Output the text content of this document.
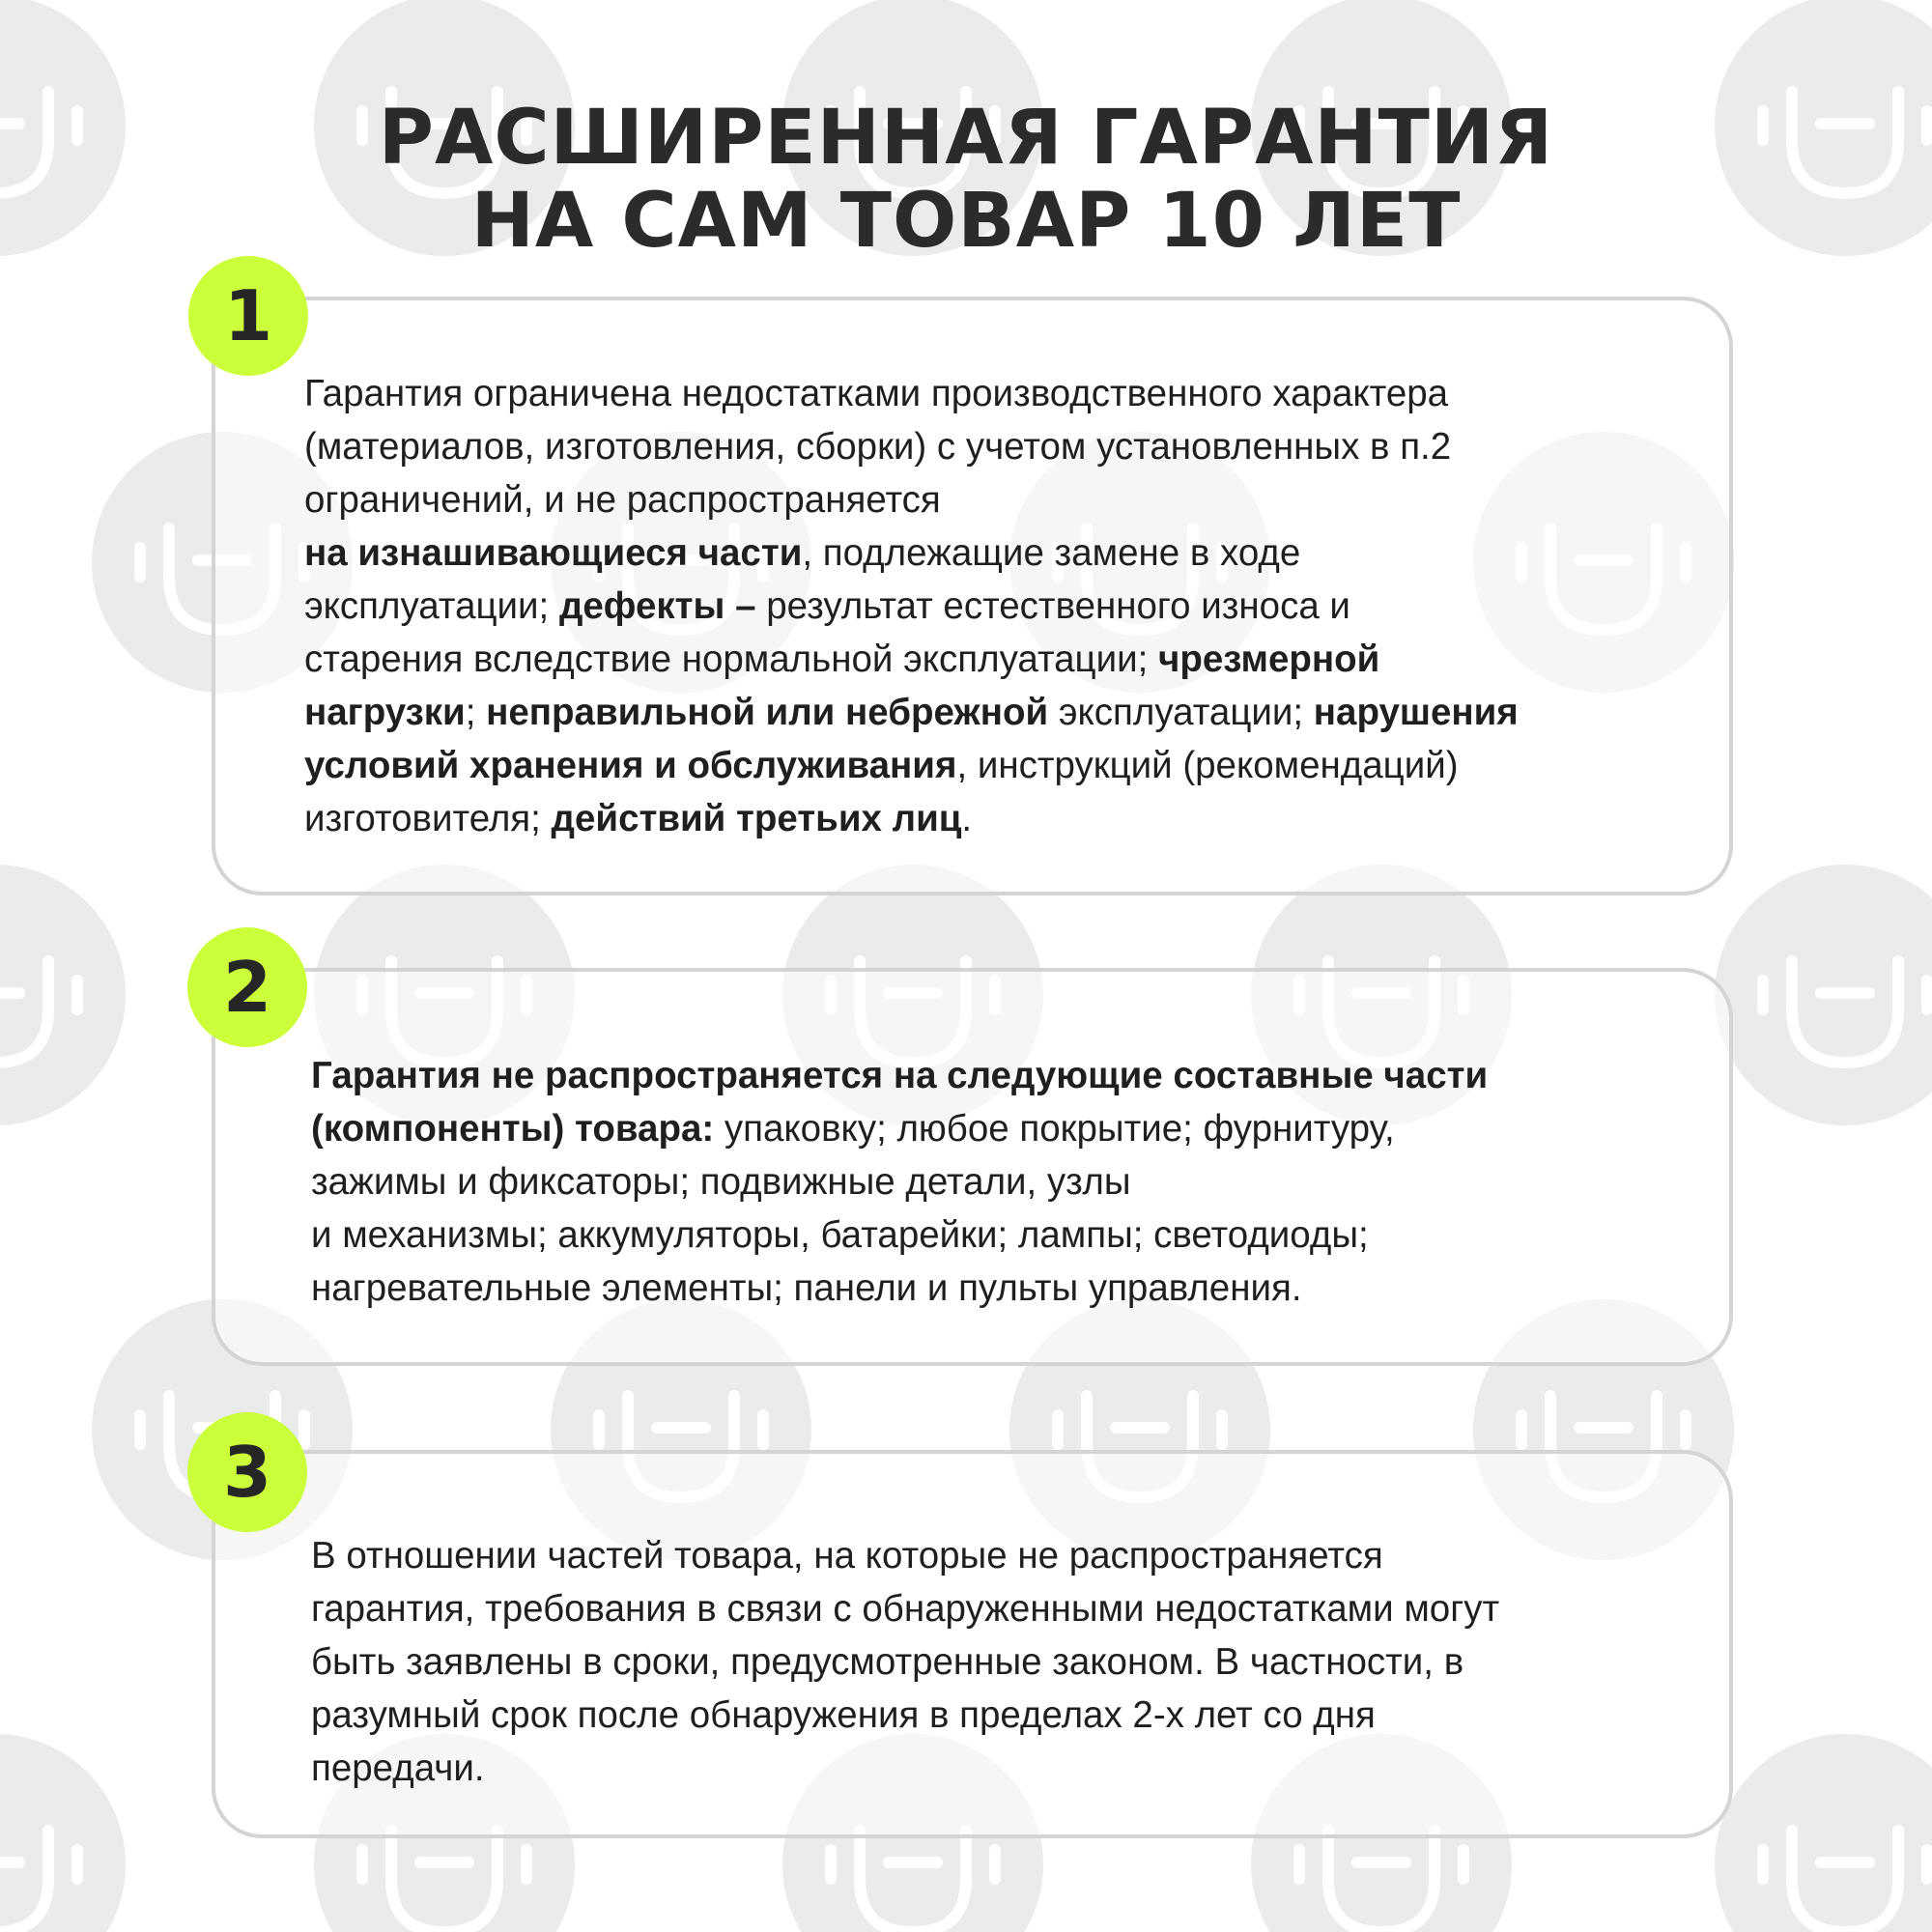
РАСШИРЕННАЯ ГАРАНТИЯ
НА САМ ТОВАР 10 ЛЕТ
1
Гарантия ограничена недостатками производственного характера
(материалов, изготовления, сборки) с учетом установленных в п.2
ограничений, и не распространяется
на изнашивающиеся части, подлежащие замене в ходе
эксплуатации; дефекты – результат естественного износа и
старения вследствие нормальной эксплуатации; чрезмерной
нагрузки; неправильной или небрежной эксплуатации; нарушения
условий хранения и обслуживания, инструкций (рекомендаций)
изготовителя; действий третьих лиц.
2
Гарантия не распространяется на следующие составные части
(компоненты) товара: упаковку; любое покрытие; фурнитуру,
зажимы и фиксаторы; подвижные детали, узлы
и механизмы; аккумуляторы, батарейки; лампы; светодиоды;
нагревательные элементы; панели и пульты управления.
3
В отношении частей товара, на которые не распространяется
гарантия, требования в связи с обнаруженными недостатками могут
быть заявлены в сроки, предусмотренные законом. В частности, в
разумный срок после обнаружения в пределах 2-х лет со дня
передачи.
